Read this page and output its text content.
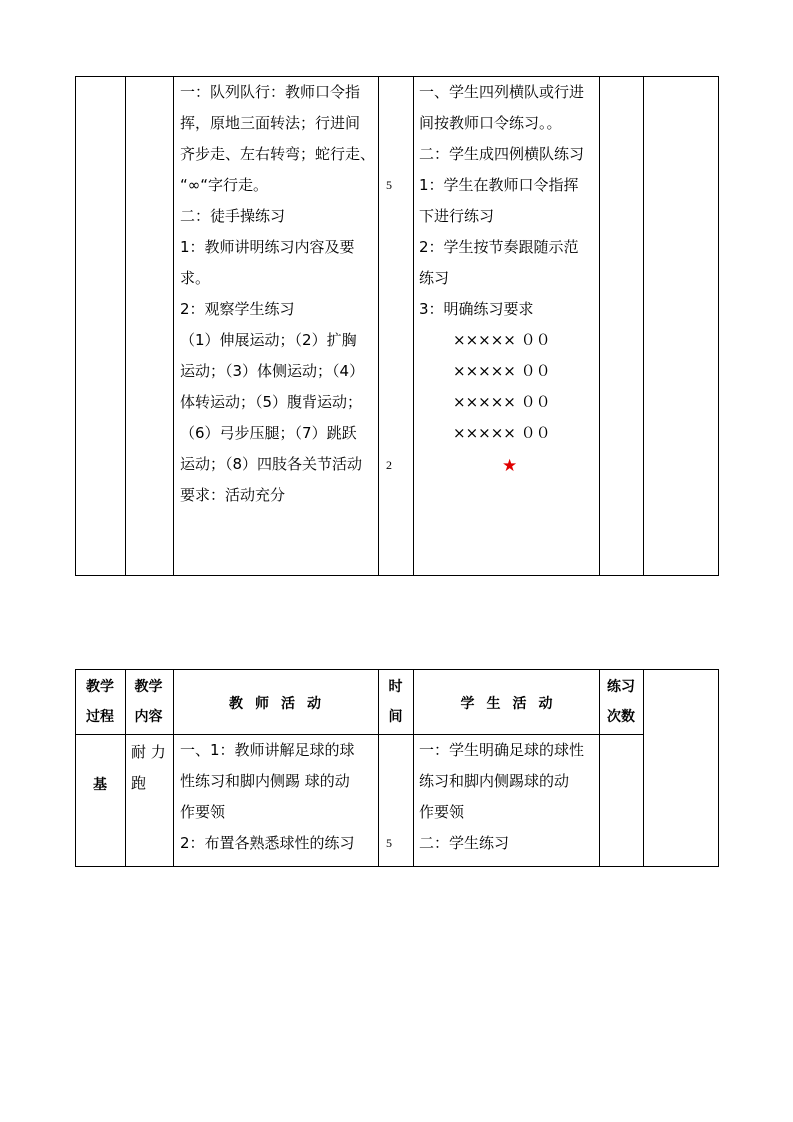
一：队列队行：教师口令指
挥，原地三面转法；行进间
齐步走、左右转弯；蛇行走、
“∞“字行走。
二：徒手操练习
1：教师讲明练习内容及要
求。
2：观察学生练习
（1）伸展运动；（2）扩胸
运动；（3）体侧运动；（4）
体转运动；（5）腹背运动；
（6）弓步压腿；（7）跳跃
运动；（8）四肢各关节活动
要求：活动充分
5
2
一、学生四列横队或行进
间按教师口令练习。。
二：学生成四例横队练习
1：学生在教师口令指挥
下进行练习
2：学生按节奏跟随示范
练习
3：明确练习要求
××××× ００
××××× ００
××××× ００
××××× ００
★
教学
过程
教学
内容
教师活动
时
间
学生活动
练习
次数
基
耐 力
跑
一、1：教师讲解足球的球
性练习和脚内侧踢 球的动
作要领
2：布置各熟悉球性的练习	5
一：学生明确足球的球性
练习和脚内侧踢球的动
作要领
二：学生练习
